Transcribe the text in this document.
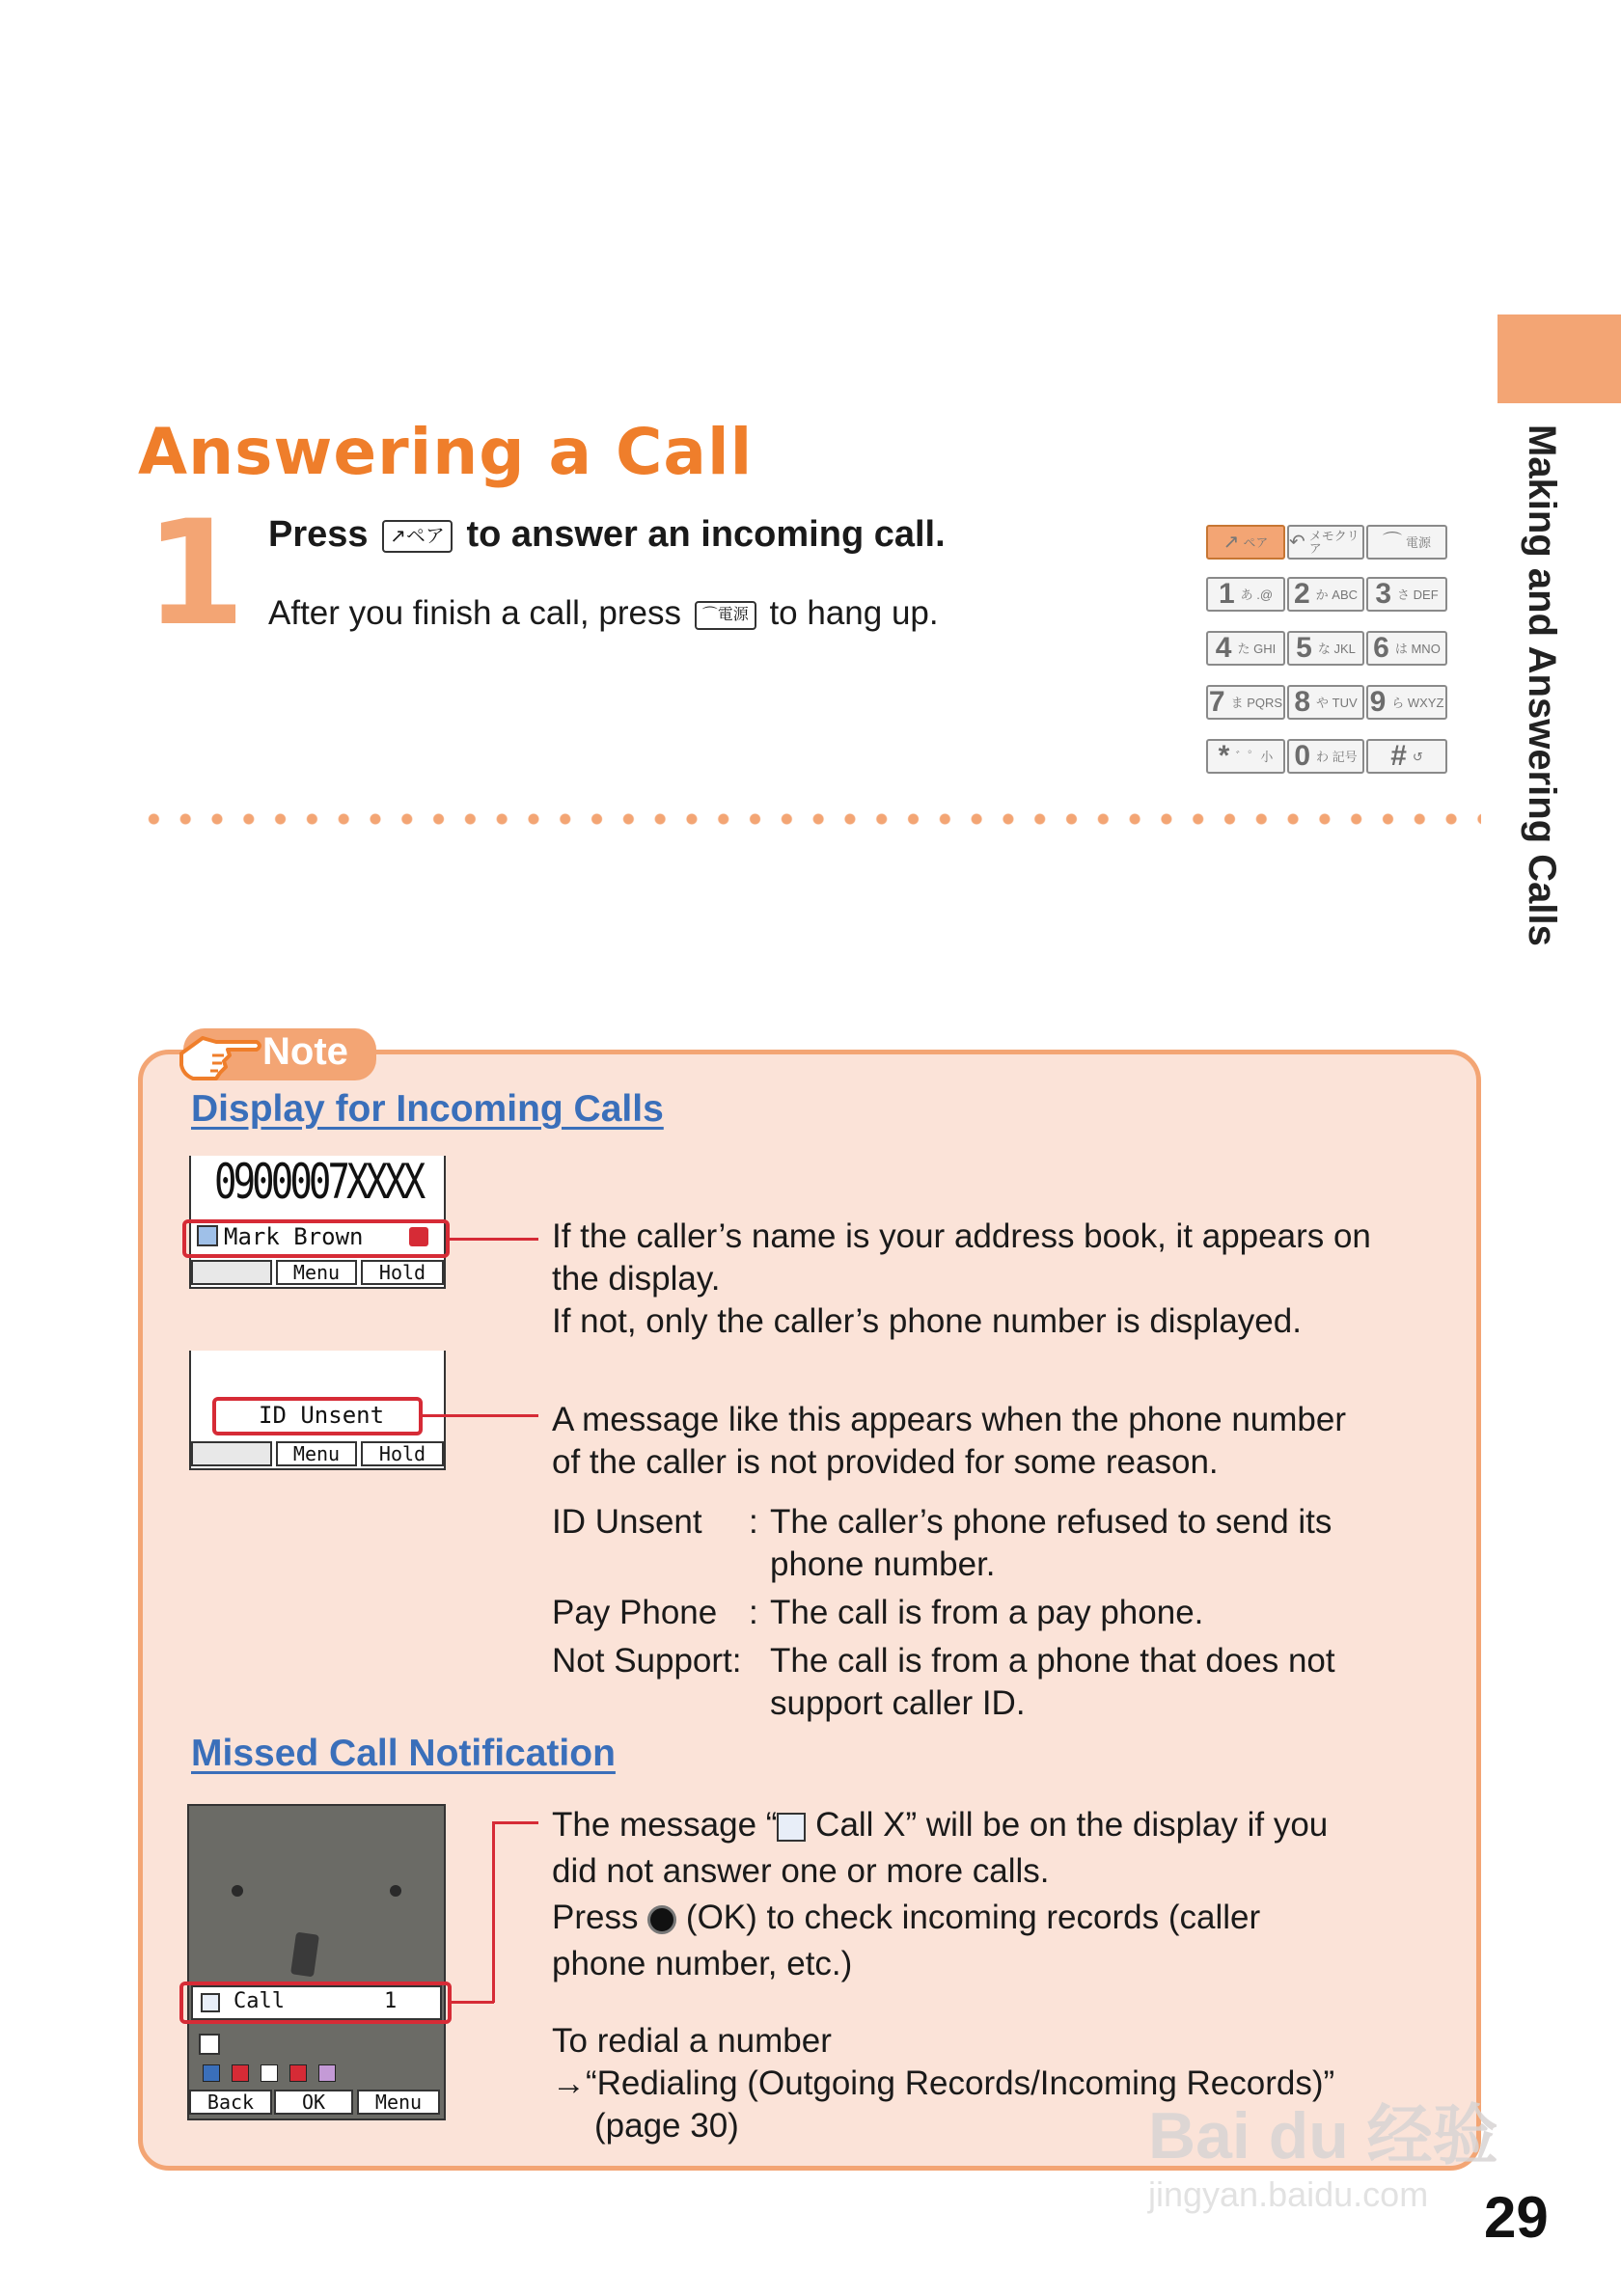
Making and Answering Calls
Answering a Call
1 Press ↗ペア to answer an incoming call.
After you finish a call, press ⌒電源 to hang up.
↗ ペア ↶ メモクリア	⌒ 電源
1 あ .@ 2 か ABC 3 さ DEF
4 た GHI 5 な JKL 6 は MNO
7 ま PQRS 8 や TUV 9 ら WXYZ
* ゛゜小 0 わ 記号 # ↺
Note
Display for Incoming Calls
0900007XXXX
Mark Brown
Menu	Hold
If the caller’s name is your address book, it appears on
the display.
If not, only the caller’s phone number is displayed.
ID Unsent
Menu	Hold
A message like this appears when the phone number
of the caller is not provided for some reason.
ID Unsent : The caller’s phone refused to send its
phone number.
Pay Phone : The call is from a pay phone.
Not Support: The call is from a phone that does not
support caller ID.
Missed Call Notification
Call	1
Back	OK	Menu
The message “ Call X” will be on the display if you
did not answer one or more calls.
Press  (OK) to check incoming records (caller
phone number, etc.)
To redial a number
→“Redialing (Outgoing Records/Incoming Records)”
(page 30)	Bai du 经验
jingyan.baidu.com 29
